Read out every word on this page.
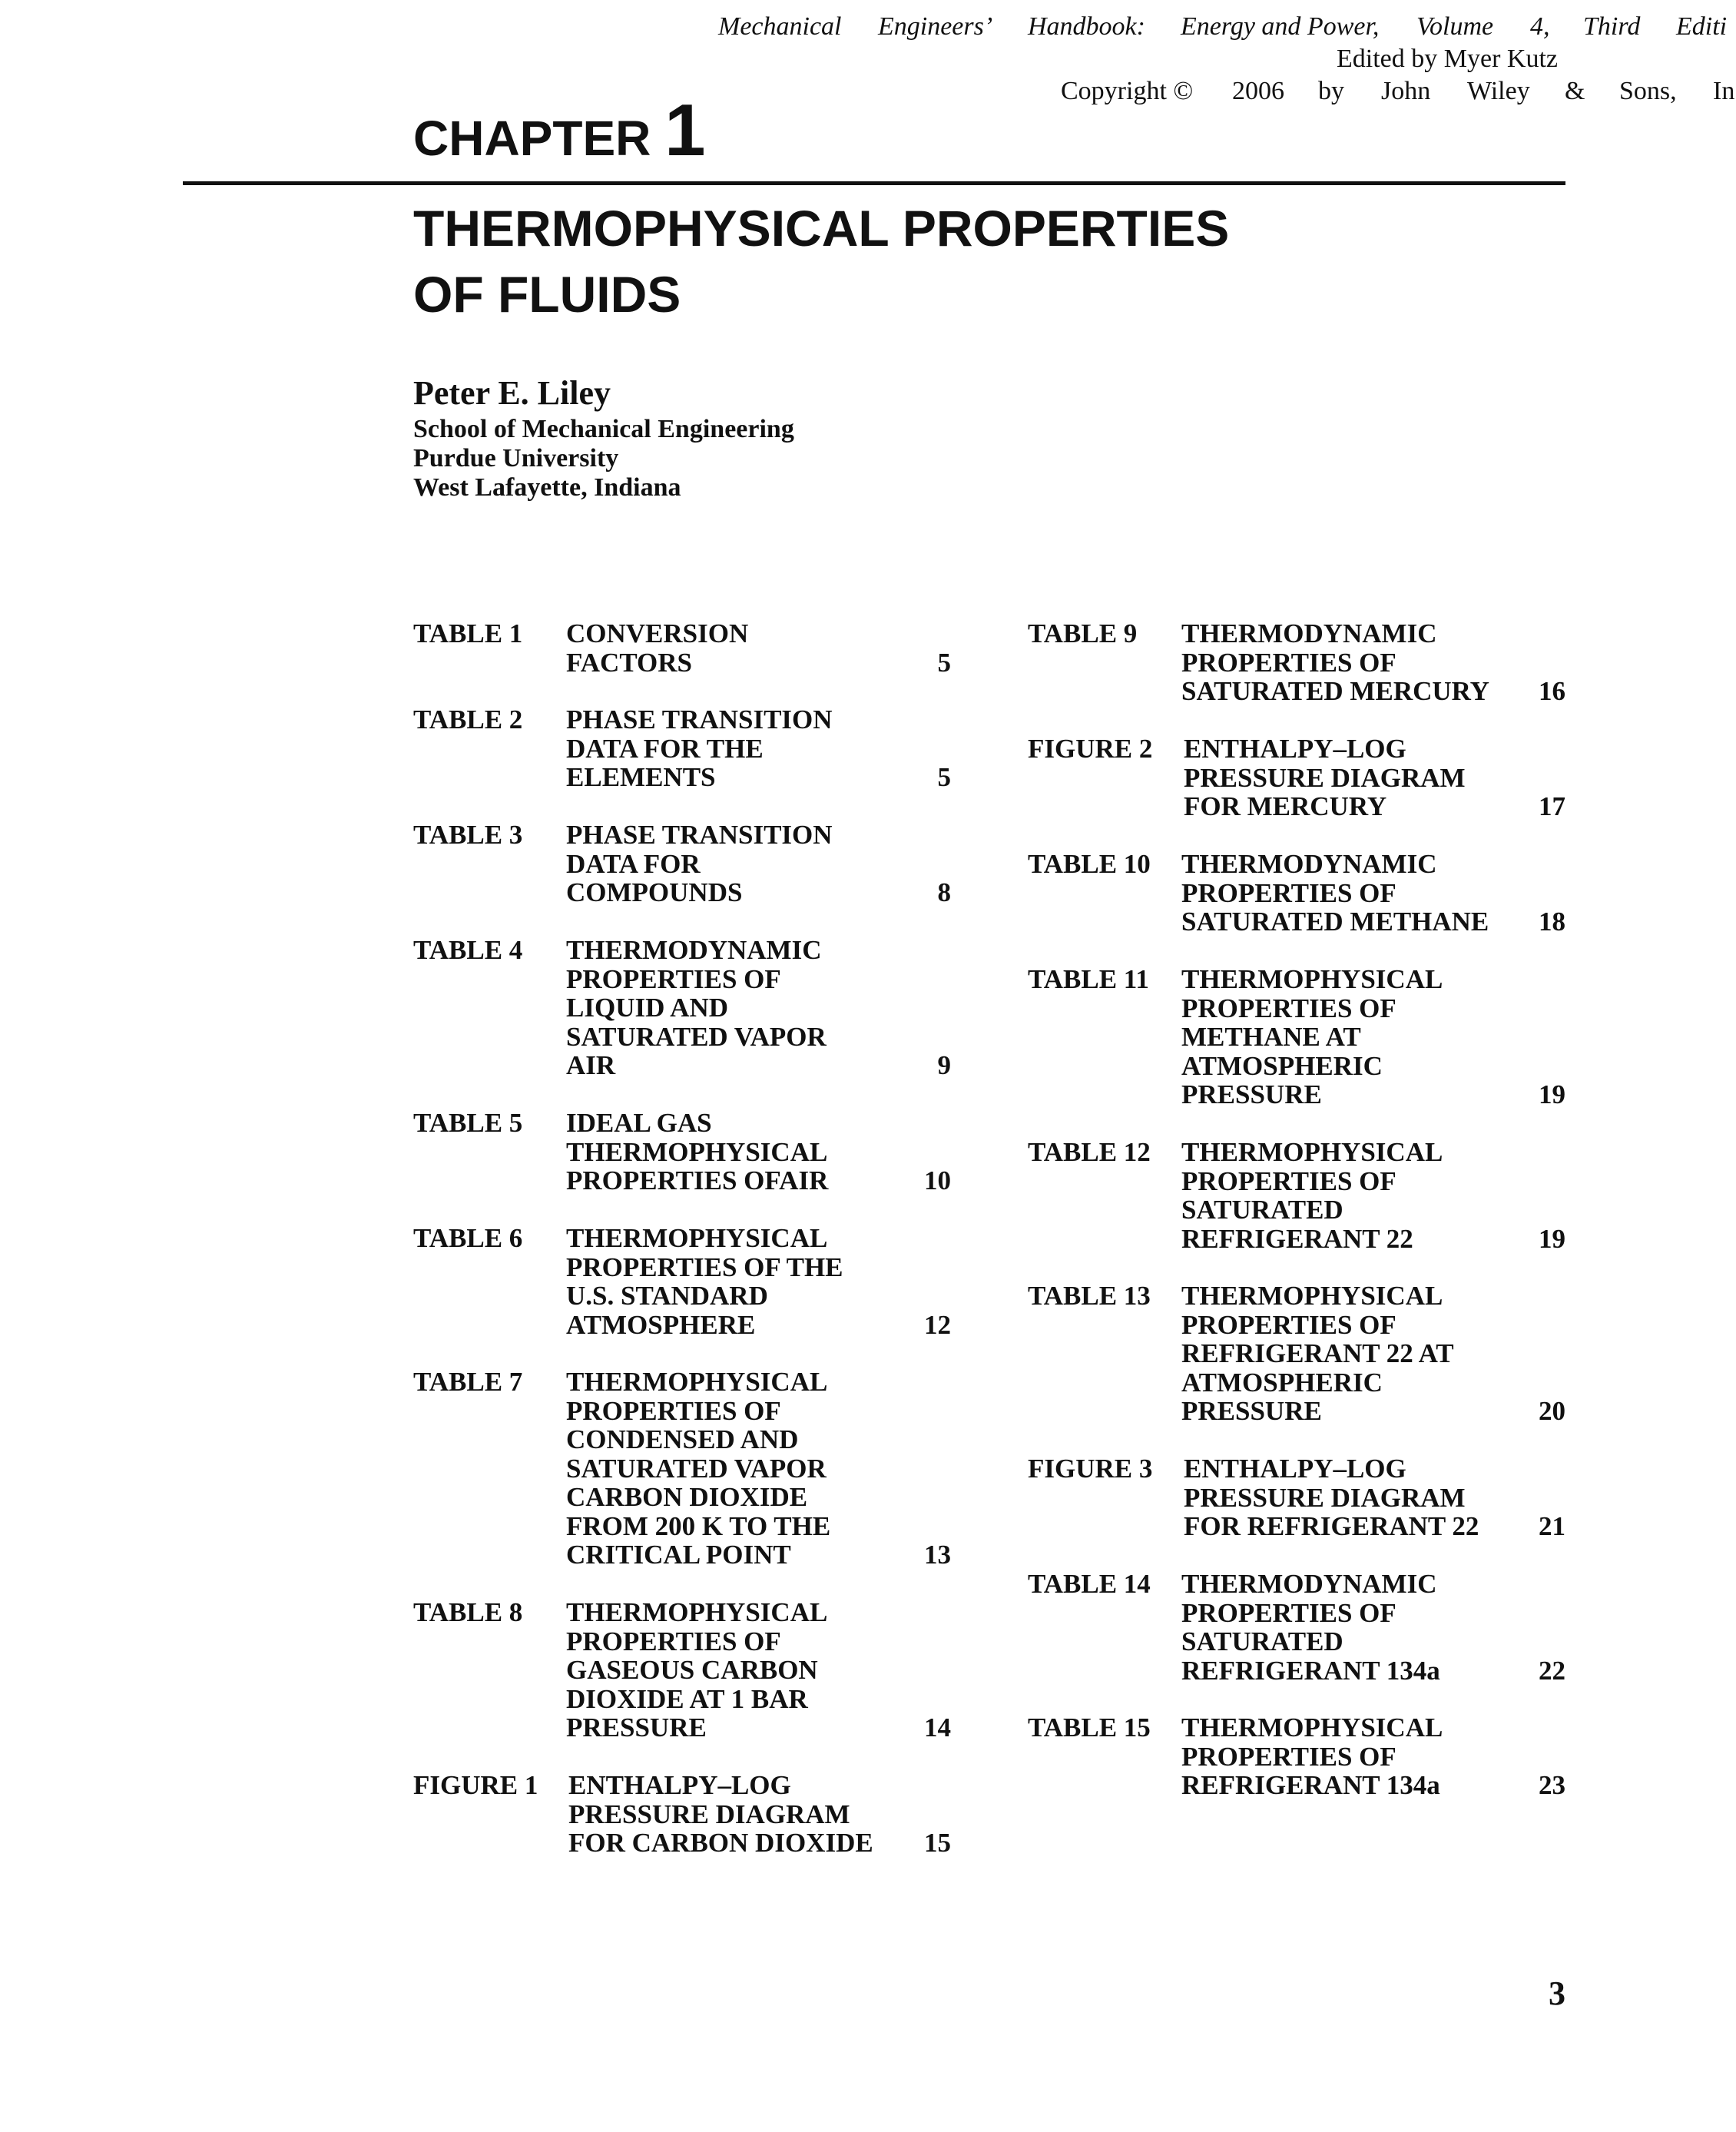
Mechanical Engineers’ Handbook: Energy and Power, Volume 4, Third Editi
Edited by Myer Kutz
Copyright © 2006 by John Wiley & Sons, In
CHAPTER 1
THERMOPHYSICAL PROPERTIES
OF FLUIDS
Peter E. Liley
School of Mechanical Engineering
Purdue University
West Lafayette, Indiana
TABLE 1 CONVERSION
FACTORS	5
TABLE 2 PHASE TRANSITION
DATA FOR THE
ELEMENTS	5
TABLE 3 PHASE TRANSITION
DATA FOR
COMPOUNDS	8
TABLE 4 THERMODYNAMIC
PROPERTIES OF
LIQUID AND
SATURATED VAPOR
AIR	9
TABLE 5 IDEAL GAS
THERMOPHYSICAL
PROPERTIES OFAIR	10
TABLE 6 THERMOPHYSICAL
PROPERTIES OF THE
U.S. STANDARD
ATMOSPHERE	12
TABLE 7 THERMOPHYSICAL
PROPERTIES OF
CONDENSED AND
SATURATED VAPOR
CARBON DIOXIDE
FROM 200 K TO THE
CRITICAL POINT	13
TABLE 8 THERMOPHYSICAL
PROPERTIES OF
GASEOUS CARBON
DIOXIDE AT 1 BAR
PRESSURE	14
FIGURE 1 ENTHALPY–LOG
PRESSURE DIAGRAM
FOR CARBON DIOXIDE	15
TABLE 9 THERMODYNAMIC
PROPERTIES OF
SATURATED MERCURY	16
FIGURE 2 ENTHALPY–LOG
PRESSURE DIAGRAM
FOR MERCURY	17
TABLE 10 THERMODYNAMIC
PROPERTIES OF
SATURATED METHANE	18
TABLE 11 THERMOPHYSICAL
PROPERTIES OF
METHANE AT
ATMOSPHERIC
PRESSURE	19
TABLE 12 THERMOPHYSICAL
PROPERTIES OF
SATURATED
REFRIGERANT 22	19
TABLE 13 THERMOPHYSICAL
PROPERTIES OF
REFRIGERANT 22 AT
ATMOSPHERIC
PRESSURE	20
FIGURE 3 ENTHALPY–LOG
PRESSURE DIAGRAM
FOR REFRIGERANT 22	21
TABLE 14 THERMODYNAMIC
PROPERTIES OF
SATURATED
REFRIGERANT 134a	22
TABLE 15 THERMOPHYSICAL
PROPERTIES OF
REFRIGERANT 134a	23
3
